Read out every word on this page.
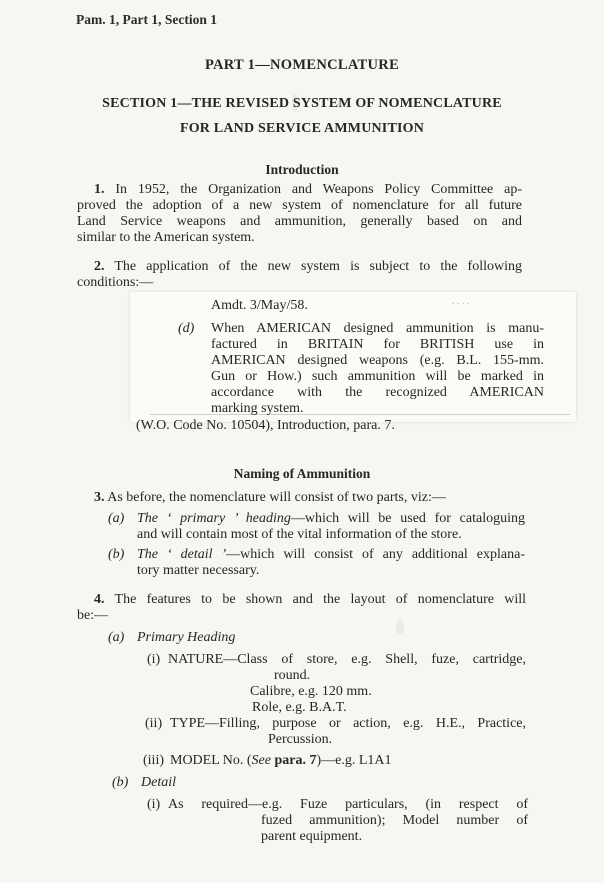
Pam. 1, Part 1, Section 1
PART 1—NOMENCLATURE
SECTION 1—THE REVISED SYSTEM OF NOMENCLATURE
FOR LAND SERVICE AMMUNITION
Introduction
1. In 1952, the Organization and Weapons Policy Committee ap-
proved the adoption of a new system of nomenclature for all future
Land Service weapons and ammunition, generally based on and
similar to the American system.
2. The application of the new system is subject to the following
conditions:—
Amdt. 3/May/58.	. . . .
(d) When AMERICAN designed ammunition is manu-
factured in BRITAIN for BRITISH use in
AMERICAN designed weapons (e.g. B.L. 155-mm.
Gun or How.) such ammunition will be marked in
accordance with the recognized AMERICAN
marking system.
(W.O. Code No. 10504), Introduction, para. 7.
Naming of Ammunition
3. As before, the nomenclature will consist of two parts, viz:—
(a) The ‘ primary ’ heading—which will be used for cataloguing
and will contain most of the vital information of the store.
(b) The ‘ detail ’—which will consist of any additional explana-
tory matter necessary.
4. The features to be shown and the layout of nomenclature will
be:—
(a) Primary Heading
(i) NATURE—Class of store, e.g. Shell, fuze, cartridge,
round.
Calibre, e.g. 120 mm.
Role, e.g. B.A.T.
(ii) TYPE—Filling, purpose or action, e.g. H.E., Practice,
Percussion.
(iii) MODEL No. (See para. 7)—e.g. L1A1
(b) Detail
(i) As required—e.g. Fuze particulars, (in respect of
fuzed ammunition); Model number of
parent equipment.
